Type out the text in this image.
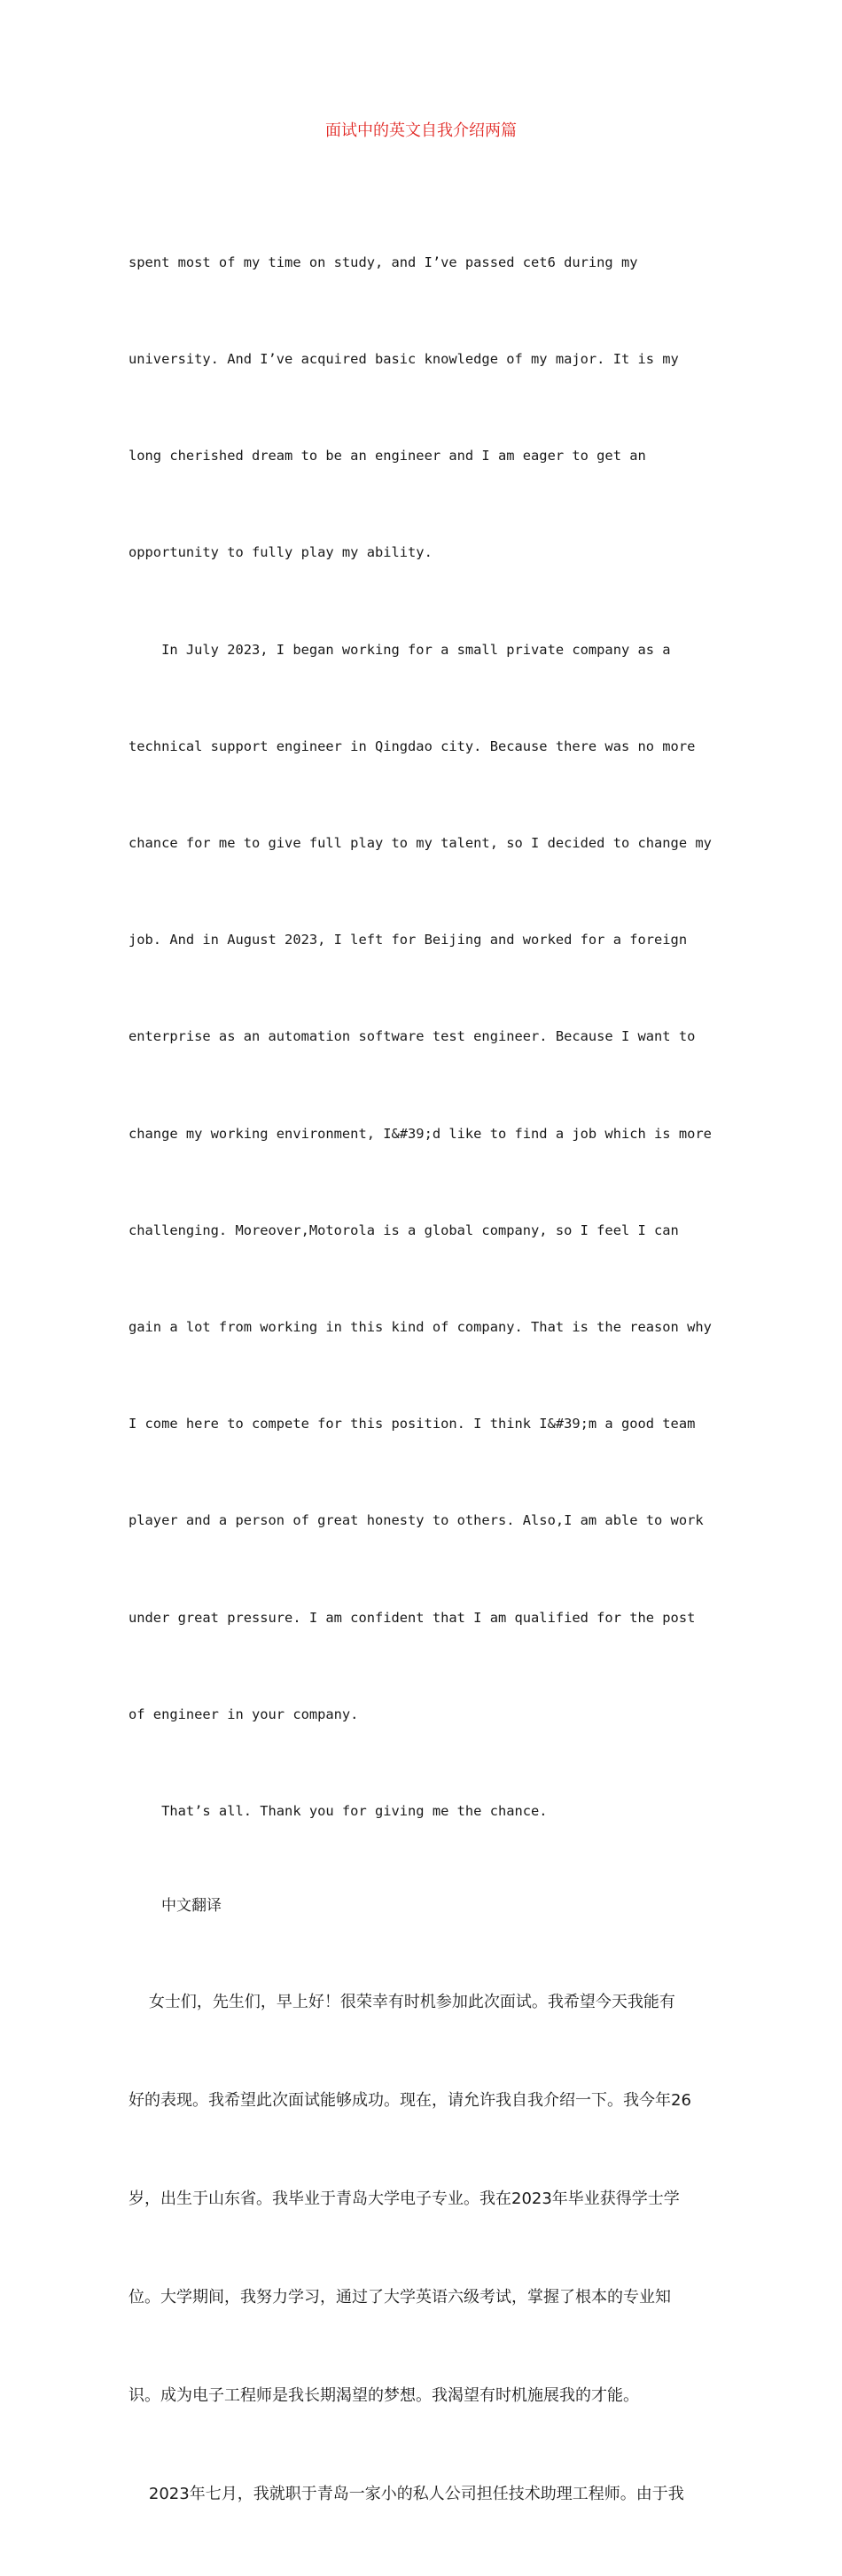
面试中的英文自我介绍两篇

spent most of my time on study, and I’ve passed cet6 during my

university. And I’ve acquired basic knowledge of my major. It is my

long cherished dream to be an engineer and I am eager to get an

opportunity to fully play my ability.

In July 2023, I began working for a small private company as a

technical support engineer in Qingdao city. Because there was no more

chance for me to give full play to my talent, so I decided to change my

job. And in August 2023, I left for Beijing and worked for a foreign

enterprise as an automation software test engineer. Because I want to

change my working environment, I&#39;d like to find a job which is more

challenging. Moreover,Motorola is a global company, so I feel I can

gain a lot from working in this kind of company. That is the reason why

I come here to compete for this position. I think I&#39;m a good team

player and a person of great honesty to others. Also,I am able to work

under great pressure. I am confident that I am qualified for the post

of engineer in your company.

That’s all. Thank you for giving me the chance.

中文翻译

女士们，先生们，早上好！很荣幸有时机参加此次面试。我希望今天我能有

好的表现。我希望此次面试能够成功。现在，请允许我自我介绍一下。我今年26

岁，出生于山东省。我毕业于青岛大学电子专业。我在2023年毕业获得学士学

位。大学期间，我努力学习，通过了大学英语六级考试，掌握了根本的专业知

识。成为电子工程师是我长期渴望的梦想。我渴望有时机施展我的才能。

2023年七月，我就职于青岛一家小的私人公司担任技术助理工程师。由于我
